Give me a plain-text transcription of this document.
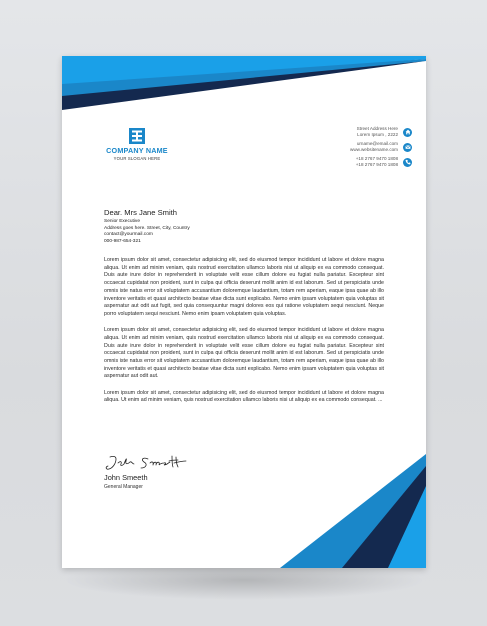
COMPANY NAME
YOUR SLOGAN HERE
Street Address Here
Lorem Ipsum , 2222
urname@email.com
www.websitename.com
+18 2767 9470 1808
+18 2767 9470 1808
Dear. Mrs Jane Smith
Senior Executive
Address goes here. Street, City, Country
contact@yourmail.com
000-987-654-321

Lorem ipsum dolor sit amet, consectetur adipisicing elit, sed do eiusmod tempor incididunt ut labore et dolore magna aliqua. Ut enim ad minim veniam, quis nostrud exercitation ullamco laboris nisi ut aliquip ex ea commodo consequat. Duis aute irure dolor in reprehenderit in voluptate velit esse cillum dolore eu fugiat nulla pariatur. Excepteur sint occaecat cupidatat non proident, sunt in culpa qui officia deserunt mollit anim id est laborum. Sed ut perspiciatis unde omnis iste natus error sit voluptatem accusantium doloremque laudantium, totam rem aperiam, eaque ipsa quae ab illo inventore veritatis et quasi architecto beatae vitae dicta sunt explicabo. Nemo enim ipsam voluptatem quia voluptas sit aspernatur aut odit aut fugit, sed quia consequuntur magni dolores eos qui ratione voluptatem sequi nesciunt. Neque porro voluptatem sequi nesciunt. Nemo enim ipsam voluptatem quia voluptas.

Lorem ipsum dolor sit amet, consectetur adipisicing elit, sed do eiusmod tempor incididunt ut labore et dolore magna aliqua. Ut enim ad minim veniam, quis nostrud exercitation ullamco laboris nisi ut aliquip ex ea commodo consequat. Duis aute irure dolor in reprehenderit in voluptate velit esse cillum dolore eu fugiat nulla pariatur. Excepteur sint occaecat cupidatat non proident, sunt in culpa qui officia deserunt mollit anim id est laborum. Sed ut perspiciatis unde omnis iste natus error sit voluptatem accusantium doloremque laudantium, totam rem aperiam, eaque ipsa quae ab illo inventore veritatis et quasi architecto beatae vitae dicta sunt explicabo. Nemo enim ipsam voluptatem quia voluptas sit aspernatur aut odit aut.

Lorem ipsum dolor sit amet, consectetur adipisicing elit, sed do eiusmod tempor incididunt ut labore et dolore magna aliqua. Ut enim ad minim veniam, quis nostrud exercitation ullamco laboris nisi ut aliquip ex ea commodo consequat. ...

John Smeeth
General Manager
